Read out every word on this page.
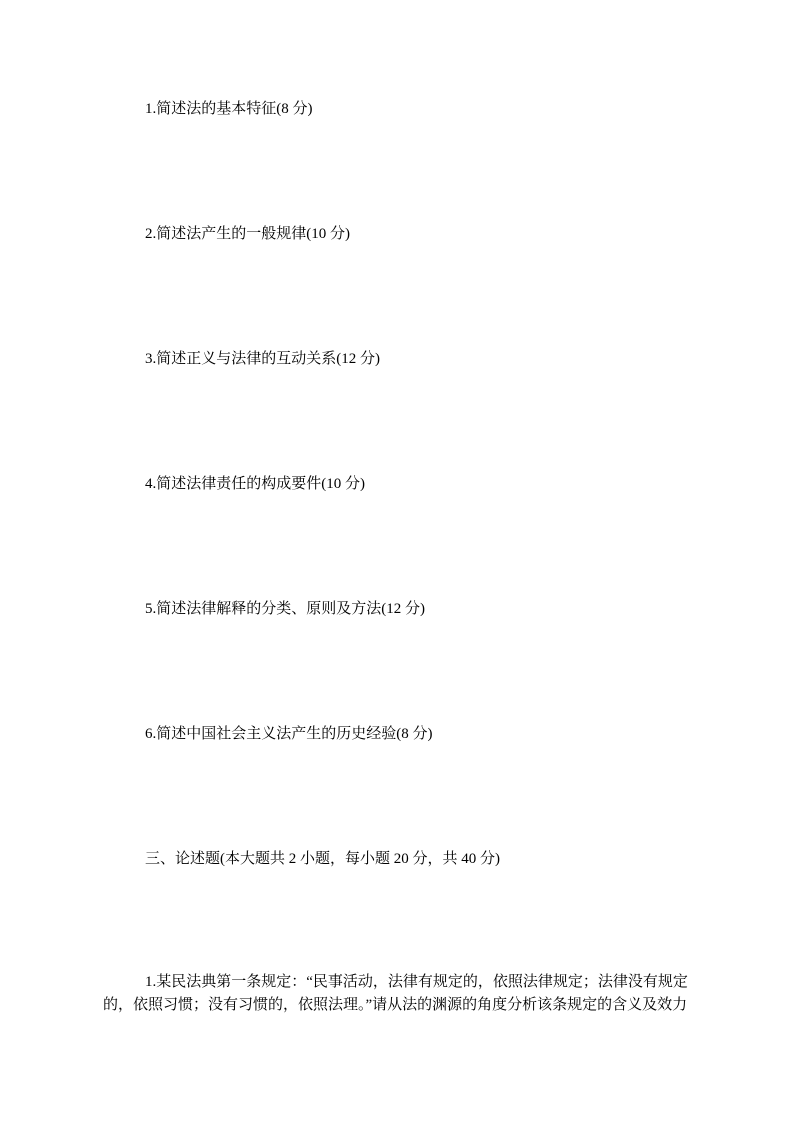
1.简述法的基本特征(8 分)
2.简述法产生的一般规律(10 分)
3.简述正义与法律的互动关系(12 分)
4.简述法律责任的构成要件(10 分)
5.简述法律解释的分类、原则及方法(12 分)
6.简述中国社会主义法产生的历史经验(8 分)
三、论述题(本大题共 2 小题，每小题 20 分，共 40 分)
1.某民法典第一条规定：“民事活动，法律有规定的，依照法律规定；法律没有规定
的，依照习惯；没有习惯的，依照法理。”请从法的渊源的角度分析该条规定的含义及效力
